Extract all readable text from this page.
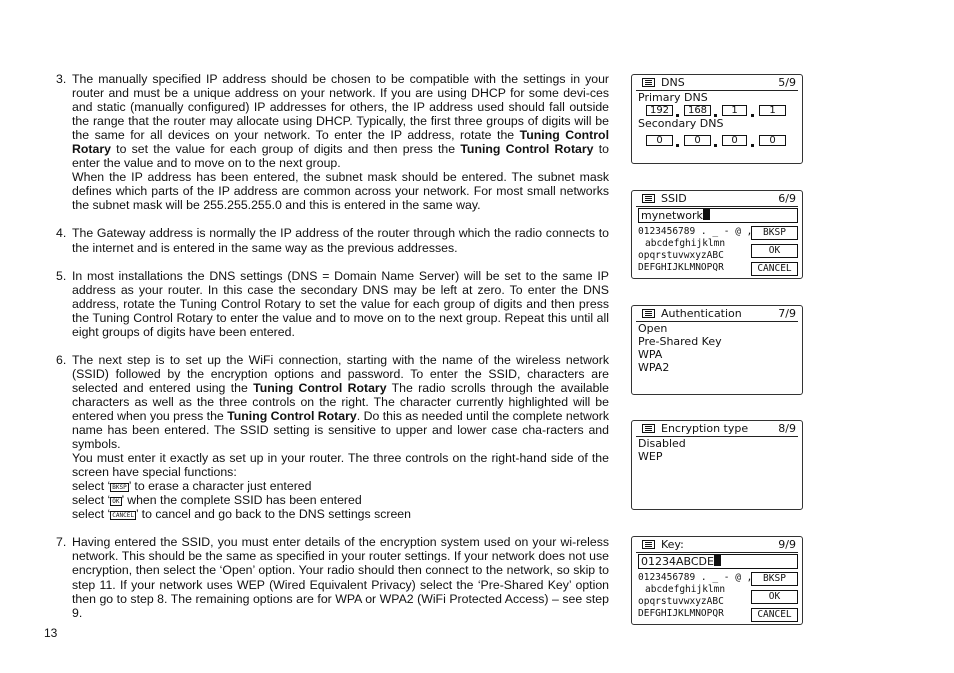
3. The manually specified IP address should be chosen to be compatible with the settings in your router and must be a unique address on your network. If you are using DHCP for some devi-ces and static (manually configured) IP addresses for others, the IP address used should fall outside the range that the router may allocate using DHCP. Typically, the first three groups of digits will be the same for all devices on your network. To enter the IP address, rotate the Tuning Control Rotary to set the value for each group of digits and then press the Tuning Control Rotary to enter the value and to move on to the next group.

When the IP address has been entered, the subnet mask should be entered. The subnet mask defines which parts of the IP address are common across your network. For most small networks the subnet mask will be 255.255.255.0 and this is entered in the same way.

4. The Gateway address is normally the IP address of the router through which the radio connects to the internet and is entered in the same way as the previous addresses.

5. In most installations the DNS settings (DNS = Domain Name Server) will be set to the same IP address as your router. In this case the secondary DNS may be left at zero. To enter the DNS address, rotate the Tuning Control Rotary to set the value for each group of digits and then press the Tuning Control Rotary to enter the value and to move on to the next group. Repeat this until all eight groups of digits have been entered.

6. The next step is to set up the WiFi connection, starting with the name of the wireless network (SSID) followed by the encryption options and password. To enter the SSID, characters are selected and entered using the Tuning Control Rotary The radio scrolls through the available characters as well as the three controls on the right. The character currently highlighted will be entered when you press the Tuning Control Rotary. Do this as needed until the complete network name has been entered. The SSID setting is sensitive to upper and lower case cha-racters and symbols.

You must enter it exactly as set up in your router. The three controls on the right-hand side of the screen have special functions:

select ‘ BKSP ’ to erase a character just entered

select ‘ OK ’ when the complete SSID has been entered

select ‘ CANCEL ’ to cancel and go back to the DNS settings screen

7. Having entered the SSID, you must enter details of the encryption system used on your wi-reless network. This should be the same as specified in your router settings. If your network does not use encryption, then select the ‘Open’ option. Your radio should then connect to the network, so skip to step 11. If your network uses WEP (Wired Equivalent Privacy) select the ‘Pre-Shared Key’ option then go to step 8. The remaining options are for WPA or WPA2 (WiFi Protected Access) – see step 9.

13
DNS	5/9
Primary DNS
192	168	1	1
Secondary DNS
0	0	0	0
SSID	6/9
mynetwork
0123456789 . _ - @ ,
abcdefghijklmn
opqrstuvwxyzABC
DEFGHIJKLMNOPQR
BKSP
OK
CANCEL
Authentication	7/9
Open
Pre-Shared Key
WPA
WPA2
Encryption type	8/9
Disabled
WEP
Key:	9/9
01234ABCDE
0123456789 . _ - @ ,
abcdefghijklmn
opqrstuvwxyzABC
DEFGHIJKLMNOPQR
BKSP
OK
CANCEL
